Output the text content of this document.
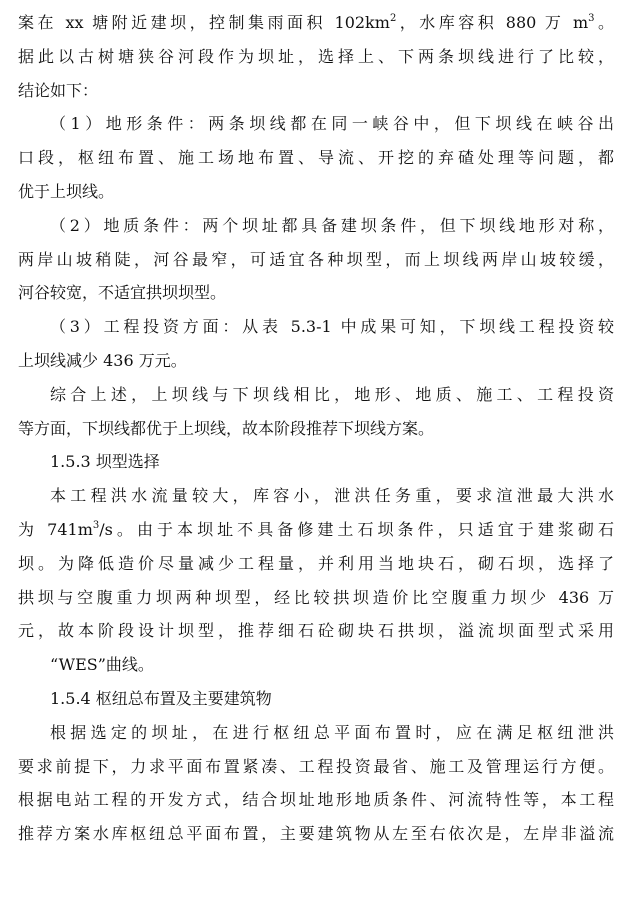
案在 xx 塘附近建坝，控制集雨面积 $102km^2$，水库容积 880 万 $m^3$。
据此以古树塘狭谷河段作为坝址，选择上、下两条坝线进行了比较，
结论如下：
（1）地形条件：两条坝线都在同一峡谷中，但下坝线在峡谷出
口段，枢纽布置、施工场地布置、导流、开挖的弃碴处理等问题，都
优于上坝线。
（2）地质条件：两个坝址都具备建坝条件，但下坝线地形对称，
两岸山坡稍陡，河谷最窄，可适宜各种坝型，而上坝线两岸山坡较缓，
河谷较宽，不适宜拱坝坝型。
（3）工程投资方面：从表 5.3-1 中成果可知，下坝线工程投资较
上坝线减少 436 万元。
综合上述，上坝线与下坝线相比，地形、地质、施工、工程投资
等方面，下坝线都优于上坝线，故本阶段推荐下坝线方案。
1.5.3 坝型选择
本工程洪水流量较大，库容小，泄洪任务重，要求渲泄最大洪水
为 $741m^3/s$。由于本坝址不具备修建土石坝条件，只适宜于建浆砌石
坝。为降低造价尽量减少工程量，并利用当地块石，砌石坝，选择了
拱坝与空腹重力坝两种坝型，经比较拱坝造价比空腹重力坝少 436 万
元，故本阶段设计坝型，推荐细石砼砌块石拱坝，溢流坝面型式采用
“WES”曲线。
1.5.4 枢纽总布置及主要建筑物
根据选定的坝址，在进行枢纽总平面布置时，应在满足枢纽泄洪
要求前提下，力求平面布置紧凑、工程投资最省、施工及管理运行方便。
根据电站工程的开发方式，结合坝址地形地质条件、河流特性等，本工程
推荐方案水库枢纽总平面布置，主要建筑物从左至右依次是，左岸非溢流
